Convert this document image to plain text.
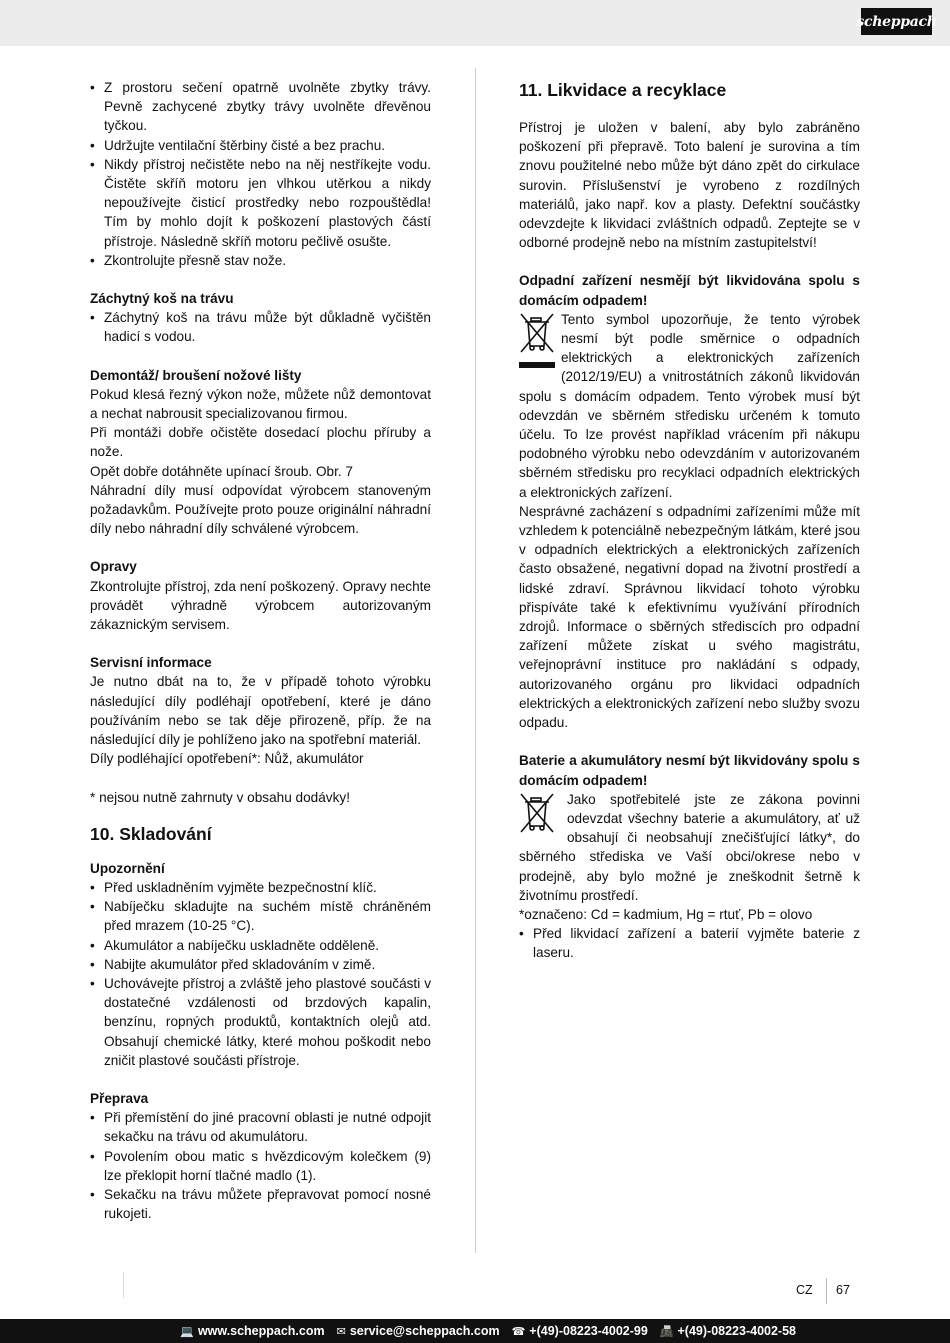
scheppach
• Z prostoru sečení opatrně uvolněte zbytky trávy. Pevně zachycené zbytky trávy uvolněte dřevěnou tyčkou.
• Udržujte ventilační štěrbiny čisté a bez prachu.
• Nikdy přístroj nečistěte nebo na něj nestříkejte vodu. Čistěte skříň motoru jen vlhkou utěrkou a nikdy nepoužívejte čisticí prostředky nebo rozpouštědla! Tím by mohlo dojít k poškození plastových částí přístroje. Následně skříň motoru pečlivě osušte.
• Zkontrolujte přesně stav nože.
Záchytný koš na trávu
• Záchytný koš na trávu může být důkladně vyčištěn hadicí s vodou.
Demontáž/ broušení nožové lišty

Pokud klesá řezný výkon nože, můžete nůž demontovat a nechat nabrousit specializovanou firmou.

Při montáži dobře očistěte dosedací plochu příruby a nože.

Opět dobře dotáhněte upínací šroub. Obr. 7

Náhradní díly musí odpovídat výrobcem stanoveným požadavkům. Používejte proto pouze originální náhradní díly nebo náhradní díly schválené výrobcem.

Opravy

Zkontrolujte přístroj, zda není poškozený. Opravy nechte provádět výhradně výrobcem autorizovaným zákaznickým servisem.

Servisní informace

Je nutno dbát na to, že v případě tohoto výrobku následující díly podléhají opotřebení, které je dáno používáním nebo se tak děje přirozeně, příp. že na následující díly je pohlíženo jako na spotřební materiál.

Díly podléhající opotřebení*: Nůž, akumulátor

* nejsou nutně zahrnuty v obsahu dodávky!

10. Skladování
Upozornění
• Před uskladněním vyjměte bezpečnostní klíč.
• Nabíječku skladujte na suchém místě chráněném před mrazem (10-25 °C).
• Akumulátor a nabíječku uskladněte odděleně.
• Nabijte akumulátor před skladováním v zimě.
• Uchovávejte přístroj a zvláště jeho plastové součásti v dostatečné vzdálenosti od brzdových kapalin, benzínu, ropných produktů, kontaktních olejů atd. Obsahují chemické látky, které mohou poškodit nebo zničit plastové součásti přístroje.
Přeprava
• Při přemístění do jiné pracovní oblasti je nutné odpojit sekačku na trávu od akumulátoru.
• Povolením obou matic s hvězdicovým kolečkem (9) lze překlopit horní tlačné madlo (1).
• Sekačku na trávu můžete přepravovat pomocí nosné rukojeti.
11. Likvidace a recyklace

Přístroj je uložen v balení, aby bylo zabráněno poškození při přepravě. Toto balení je surovina a tím znovu použitelné nebo může být dáno zpět do cirkulace surovin. Příslušenství je vyrobeno z rozdílných materiálů, jako např. kov a plasty. Defektní součástky odevzdejte k likvidaci zvláštních odpadů. Zeptejte se v odborné prodejně nebo na místním zastupitelství!

Odpadní zařízení nesmějí být likvidována spolu s domácím odpadem!

Tento symbol upozorňuje, že tento výrobek nesmí být podle směrnice o odpadních elektrických a elektronických zařízeních (2012/19/EU) a vnitrostátních zákonů likvidován spolu s domácím odpadem. Tento výrobek musí být odevzdán ve sběrném středisku určeném k tomuto účelu. To lze provést například vrácením při nákupu podobného výrobku nebo odevzdáním v autorizovaném sběrném středisku pro recyklaci odpadních elektrických a elektronických zařízení.

Nesprávné zacházení s odpadními zařízeními může mít vzhledem k potenciálně nebezpečným látkám, které jsou v odpadních elektrických a elektronických zařízeních často obsažené, negativní dopad na životní prostředí a lidské zdraví. Správnou likvidací tohoto výrobku přispíváte také k efektivnímu využívání přírodních zdrojů. Informace o sběrných střediscích pro odpadní zařízení můžete získat u svého magistrátu, veřejnoprávní instituce pro nakládání s odpady, autorizovaného orgánu pro likvidaci odpadních elektrických a elektronických zařízení nebo služby svozu odpadu.

Baterie a akumulátory nesmí být likvidovány spolu s domácím odpadem!

Jako spotřebitelé jste ze zákona povinni odevzdat všechny baterie a akumulátory, ať už obsahují či neobsahují znečišťující látky*, do sběrného střediska ve Vaší obci/okrese nebo v prodejně, aby bylo možné je zneškodnit šetrně k životnímu prostředí.

*označeno: Cd = kadmium, Hg = rtuť, Pb = olovo

• Před likvidací zařízení a baterií vyjměte baterie z laseru.
CZ 67
💻 www.scheppach.com ✉ service@scheppach.com ☎ +(49)-08223-4002-99 📠 +(49)-08223-4002-58
